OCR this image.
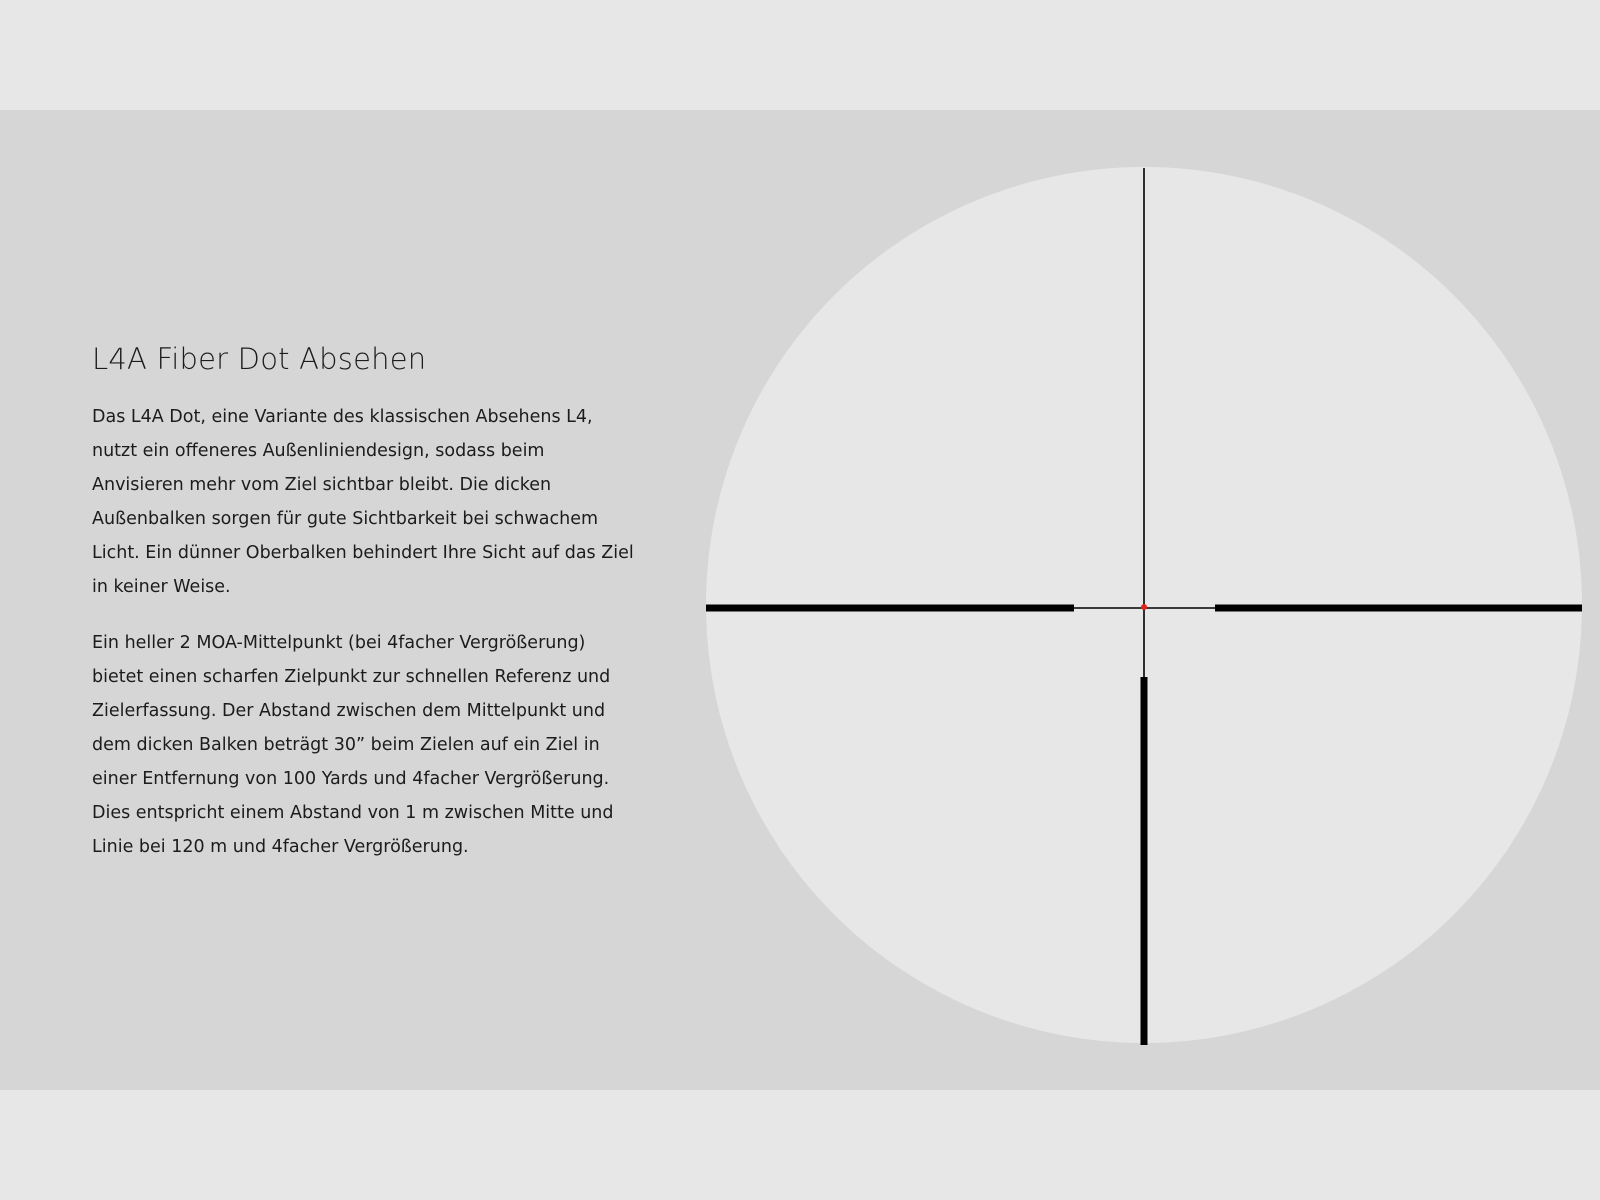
L4A Fiber Dot Absehen

Das L4A Dot, eine Variante des klassischen Absehens L4, nutzt ein offeneres Außenliniendesign, sodass beim Anvisieren mehr vom Ziel sichtbar bleibt. Die dicken Außenbalken sorgen für gute Sichtbarkeit bei schwachem Licht. Ein dünner Oberbalken behindert Ihre Sicht auf das Ziel in keiner Weise.

Ein heller 2 MOA-Mittelpunkt (bei 4facher Vergrößerung) bietet einen scharfen Zielpunkt zur schnellen Referenz und Zielerfassung. Der Abstand zwischen dem Mittelpunkt und dem dicken Balken beträgt 30” beim Zielen auf ein Ziel in einer Entfernung von 100 Yards und 4facher Vergrößerung. Dies entspricht einem Abstand von 1 m zwischen Mitte und Linie bei 120 m und 4facher Vergrößerung.
